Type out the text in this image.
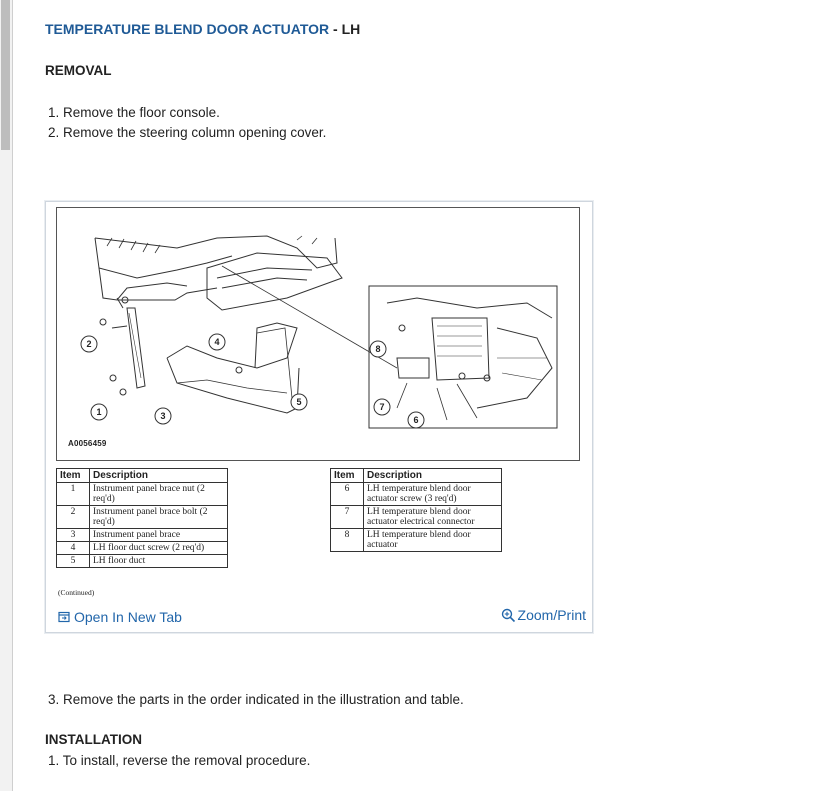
TEMPERATURE BLEND DOOR ACTUATOR - LH
REMOVAL
1. Remove the floor console.
2. Remove the steering column opening cover.
1
2
3
4
5
6
7
8
A0056459
Item	Description
1	Instrument panel brace nut (2
req'd)

2	Instrument panel brace bolt (2
req'd)

3	Instrument panel brace

4	LH floor duct screw (2 req'd)

5	LH floor duct
Item	Description
6	LH temperature blend door
actuator screw (3 req'd)

7	LH temperature blend door
actuator electrical connector

8	LH temperature blend door
actuator
(Continued)
Open In New Tab	Zoom/Print
3. Remove the parts in the order indicated in the illustration and table.
INSTALLATION
1. To install, reverse the removal procedure.
